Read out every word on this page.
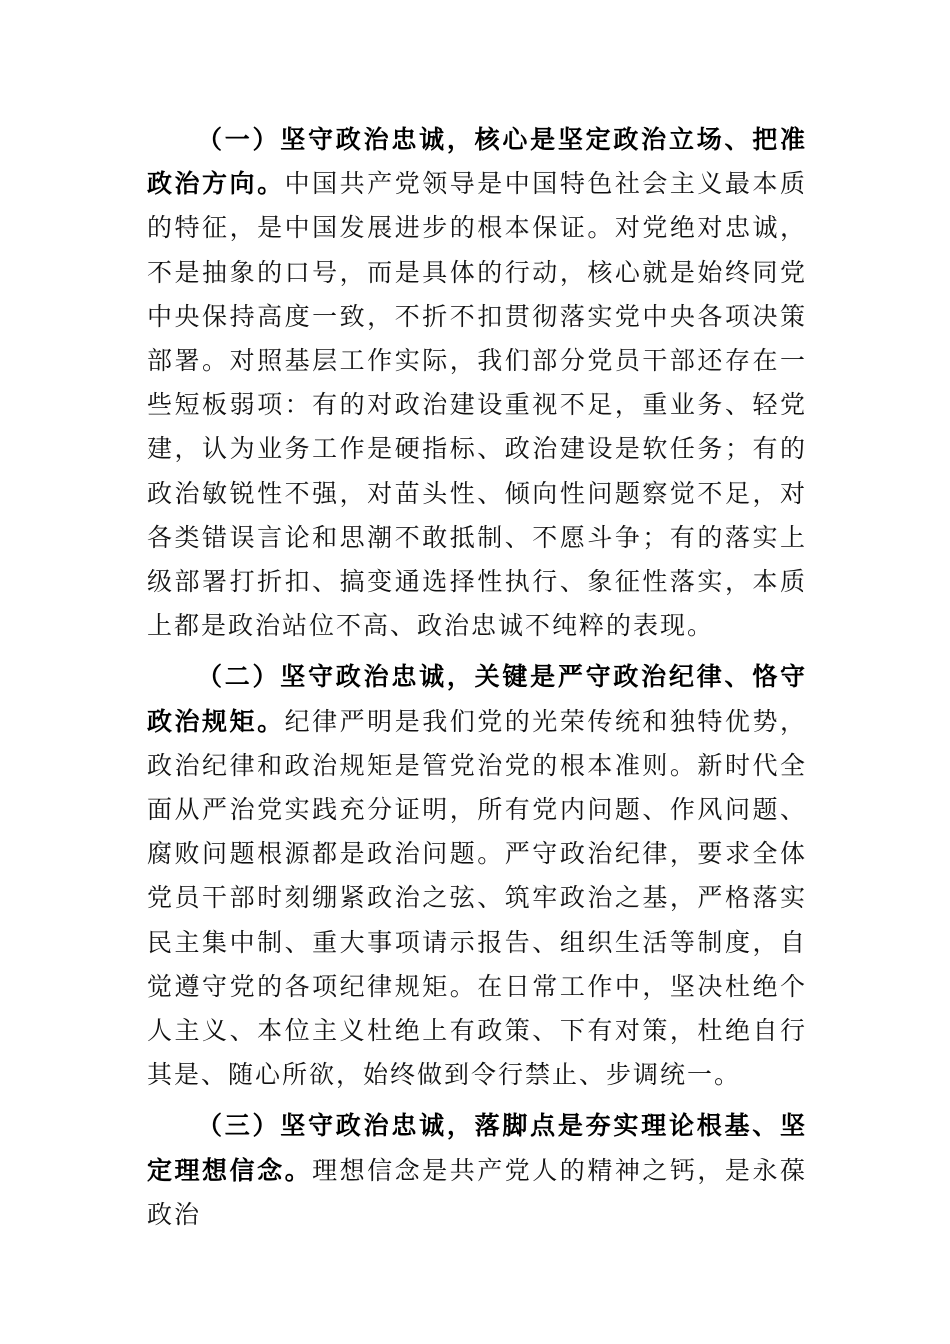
（一）坚守政治忠诚，核心是坚定政治立场、把准政治方向。中国共产党领导是中国特色社会主义最本质的特征，是中国发展进步的根本保证。对党绝对忠诚，不是抽象的口号，而是具体的行动，核心就是始终同党中央保持高度一致，不折不扣贯彻落实党中央各项决策部署。对照基层工作实际，我们部分党员干部还存在一些短板弱项：有的对政治建设重视不足，重业务、轻党建，认为业务工作是硬指标、政治建设是软任务；有的政治敏锐性不强，对苗头性、倾向性问题察觉不足，对各类错误言论和思潮不敢抵制、不愿斗争；有的落实上级部署打折扣、搞变通选择性执行、象征性落实，本质上都是政治站位不高、政治忠诚不纯粹的表现。

（二）坚守政治忠诚，关键是严守政治纪律、恪守政治规矩。纪律严明是我们党的光荣传统和独特优势，政治纪律和政治规矩是管党治党的根本准则。新时代全面从严治党实践充分证明，所有党内问题、作风问题、腐败问题根源都是政治问题。严守政治纪律，要求全体党员干部时刻绷紧政治之弦、筑牢政治之基，严格落实民主集中制、重大事项请示报告、组织生活等制度，自觉遵守党的各项纪律规矩。在日常工作中，坚决杜绝个人主义、本位主义杜绝上有政策、下有对策，杜绝自行其是、随心所欲，始终做到令行禁止、步调统一。

（三）坚守政治忠诚，落脚点是夯实理论根基、坚定理想信念。理想信念是共产党人的精神之钙，是永葆政治
